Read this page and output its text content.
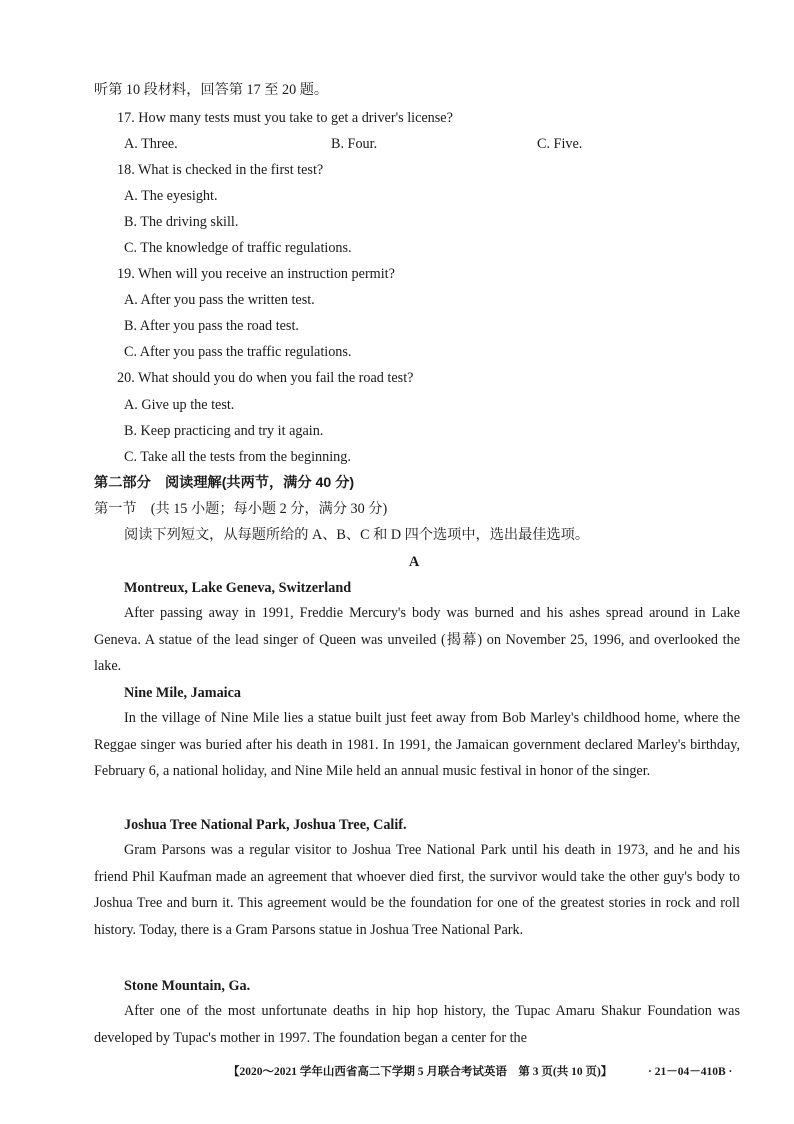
听第 10 段材料，回答第 17 至 20 题。
17. How many tests must you take to get a driver's license?
A. Three.	B. Four.	C. Five.
18. What is checked in the first test?
A. The eyesight.
B. The driving skill.
C. The knowledge of traffic regulations.
19. When will you receive an instruction permit?
A. After you pass the written test.
B. After you pass the road test.
C. After you pass the traffic regulations.
20. What should you do when you fail the road test?
A. Give up the test.
B. Keep practicing and try it again.
C. Take all the tests from the beginning.
第二部分　阅读理解(共两节，满分 40 分)
第一节　(共 15 小题；每小题 2 分，满分 30 分)
阅读下列短文，从每题所给的 A、B、C 和 D 四个选项中，选出最佳选项。
A
Montreux, Lake Geneva, Switzerland
After passing away in 1991, Freddie Mercury's body was burned and his ashes spread around in Lake Geneva. A statue of the lead singer of Queen was unveiled (揭幕) on November 25, 1996, and overlooked the lake.
Nine Mile, Jamaica
In the village of Nine Mile lies a statue built just feet away from Bob Marley's childhood home, where the Reggae singer was buried after his death in 1981. In 1991, the Jamaican government declared Marley's birthday, February 6, a national holiday, and Nine Mile held an annual music festival in honor of the singer.
Joshua Tree National Park, Joshua Tree, Calif.
Gram Parsons was a regular visitor to Joshua Tree National Park until his death in 1973, and he and his friend Phil Kaufman made an agreement that whoever died first, the survivor would take the other guy's body to Joshua Tree and burn it. This agreement would be the foundation for one of the greatest stories in rock and roll history. Today, there is a Gram Parsons statue in Joshua Tree National Park.
Stone Mountain, Ga.
After one of the most unfortunate deaths in hip hop history, the Tupac Amaru Shakur Foundation was developed by Tupac's mother in 1997. The foundation began a center for the
【2020～2021 学年山西省高二下学期 5 月联合考试英语　第 3 页(共 10 页)】	· 21－04－410B ·
